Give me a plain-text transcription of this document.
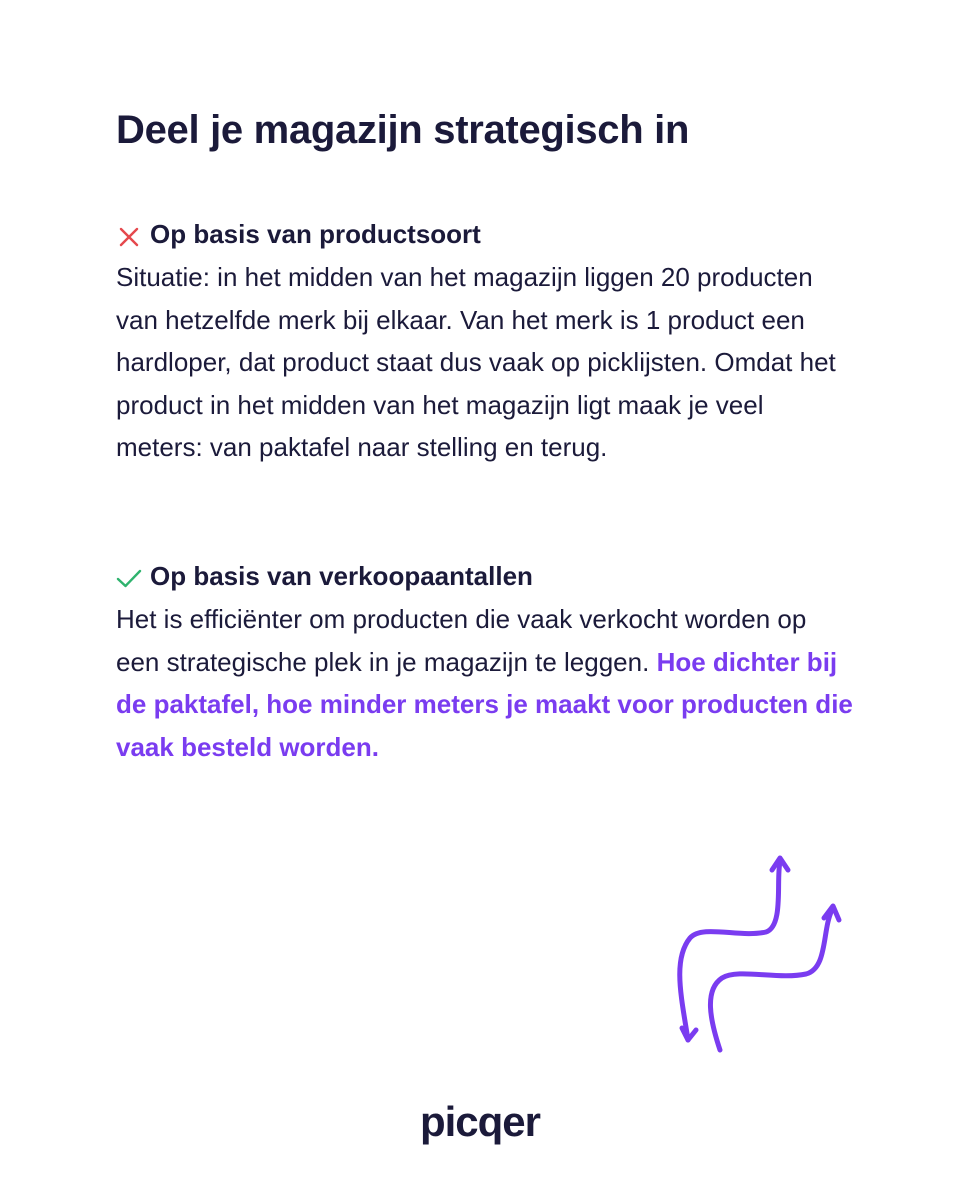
Deel je magazijn strategisch in
Op basis van productsoort

Situatie: in het midden van het magazijn liggen 20 producten van hetzelfde merk bij elkaar. Van het merk is 1 product een hardloper, dat product staat dus vaak op picklijsten. Omdat het product in het midden van het magazijn ligt maak je veel meters: van paktafel naar stelling en terug.

Op basis van verkoopaantallen

Het is efficiënter om producten die vaak verkocht worden op een strategische plek in je magazijn te leggen. Hoe dichter bij de paktafel, hoe minder meters je maakt voor producten die vaak besteld worden.

picqer
